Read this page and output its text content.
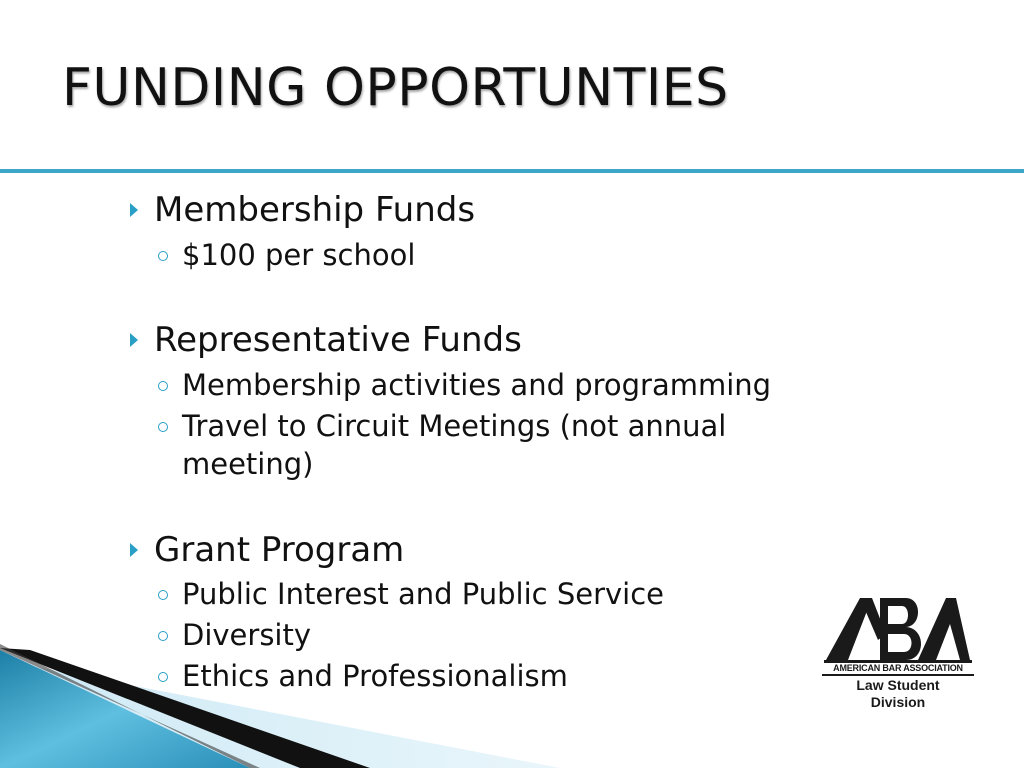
FUNDING OPPORTUNTIES
Membership Funds
$100 per school
Representative Funds
Membership activities and programming
Travel to Circuit Meetings (not annual meeting)
Grant Program
Public Interest and Public Service
Diversity
Ethics and Professionalism	AMERICAN BAR ASSOCIATION
Law Student
Division
